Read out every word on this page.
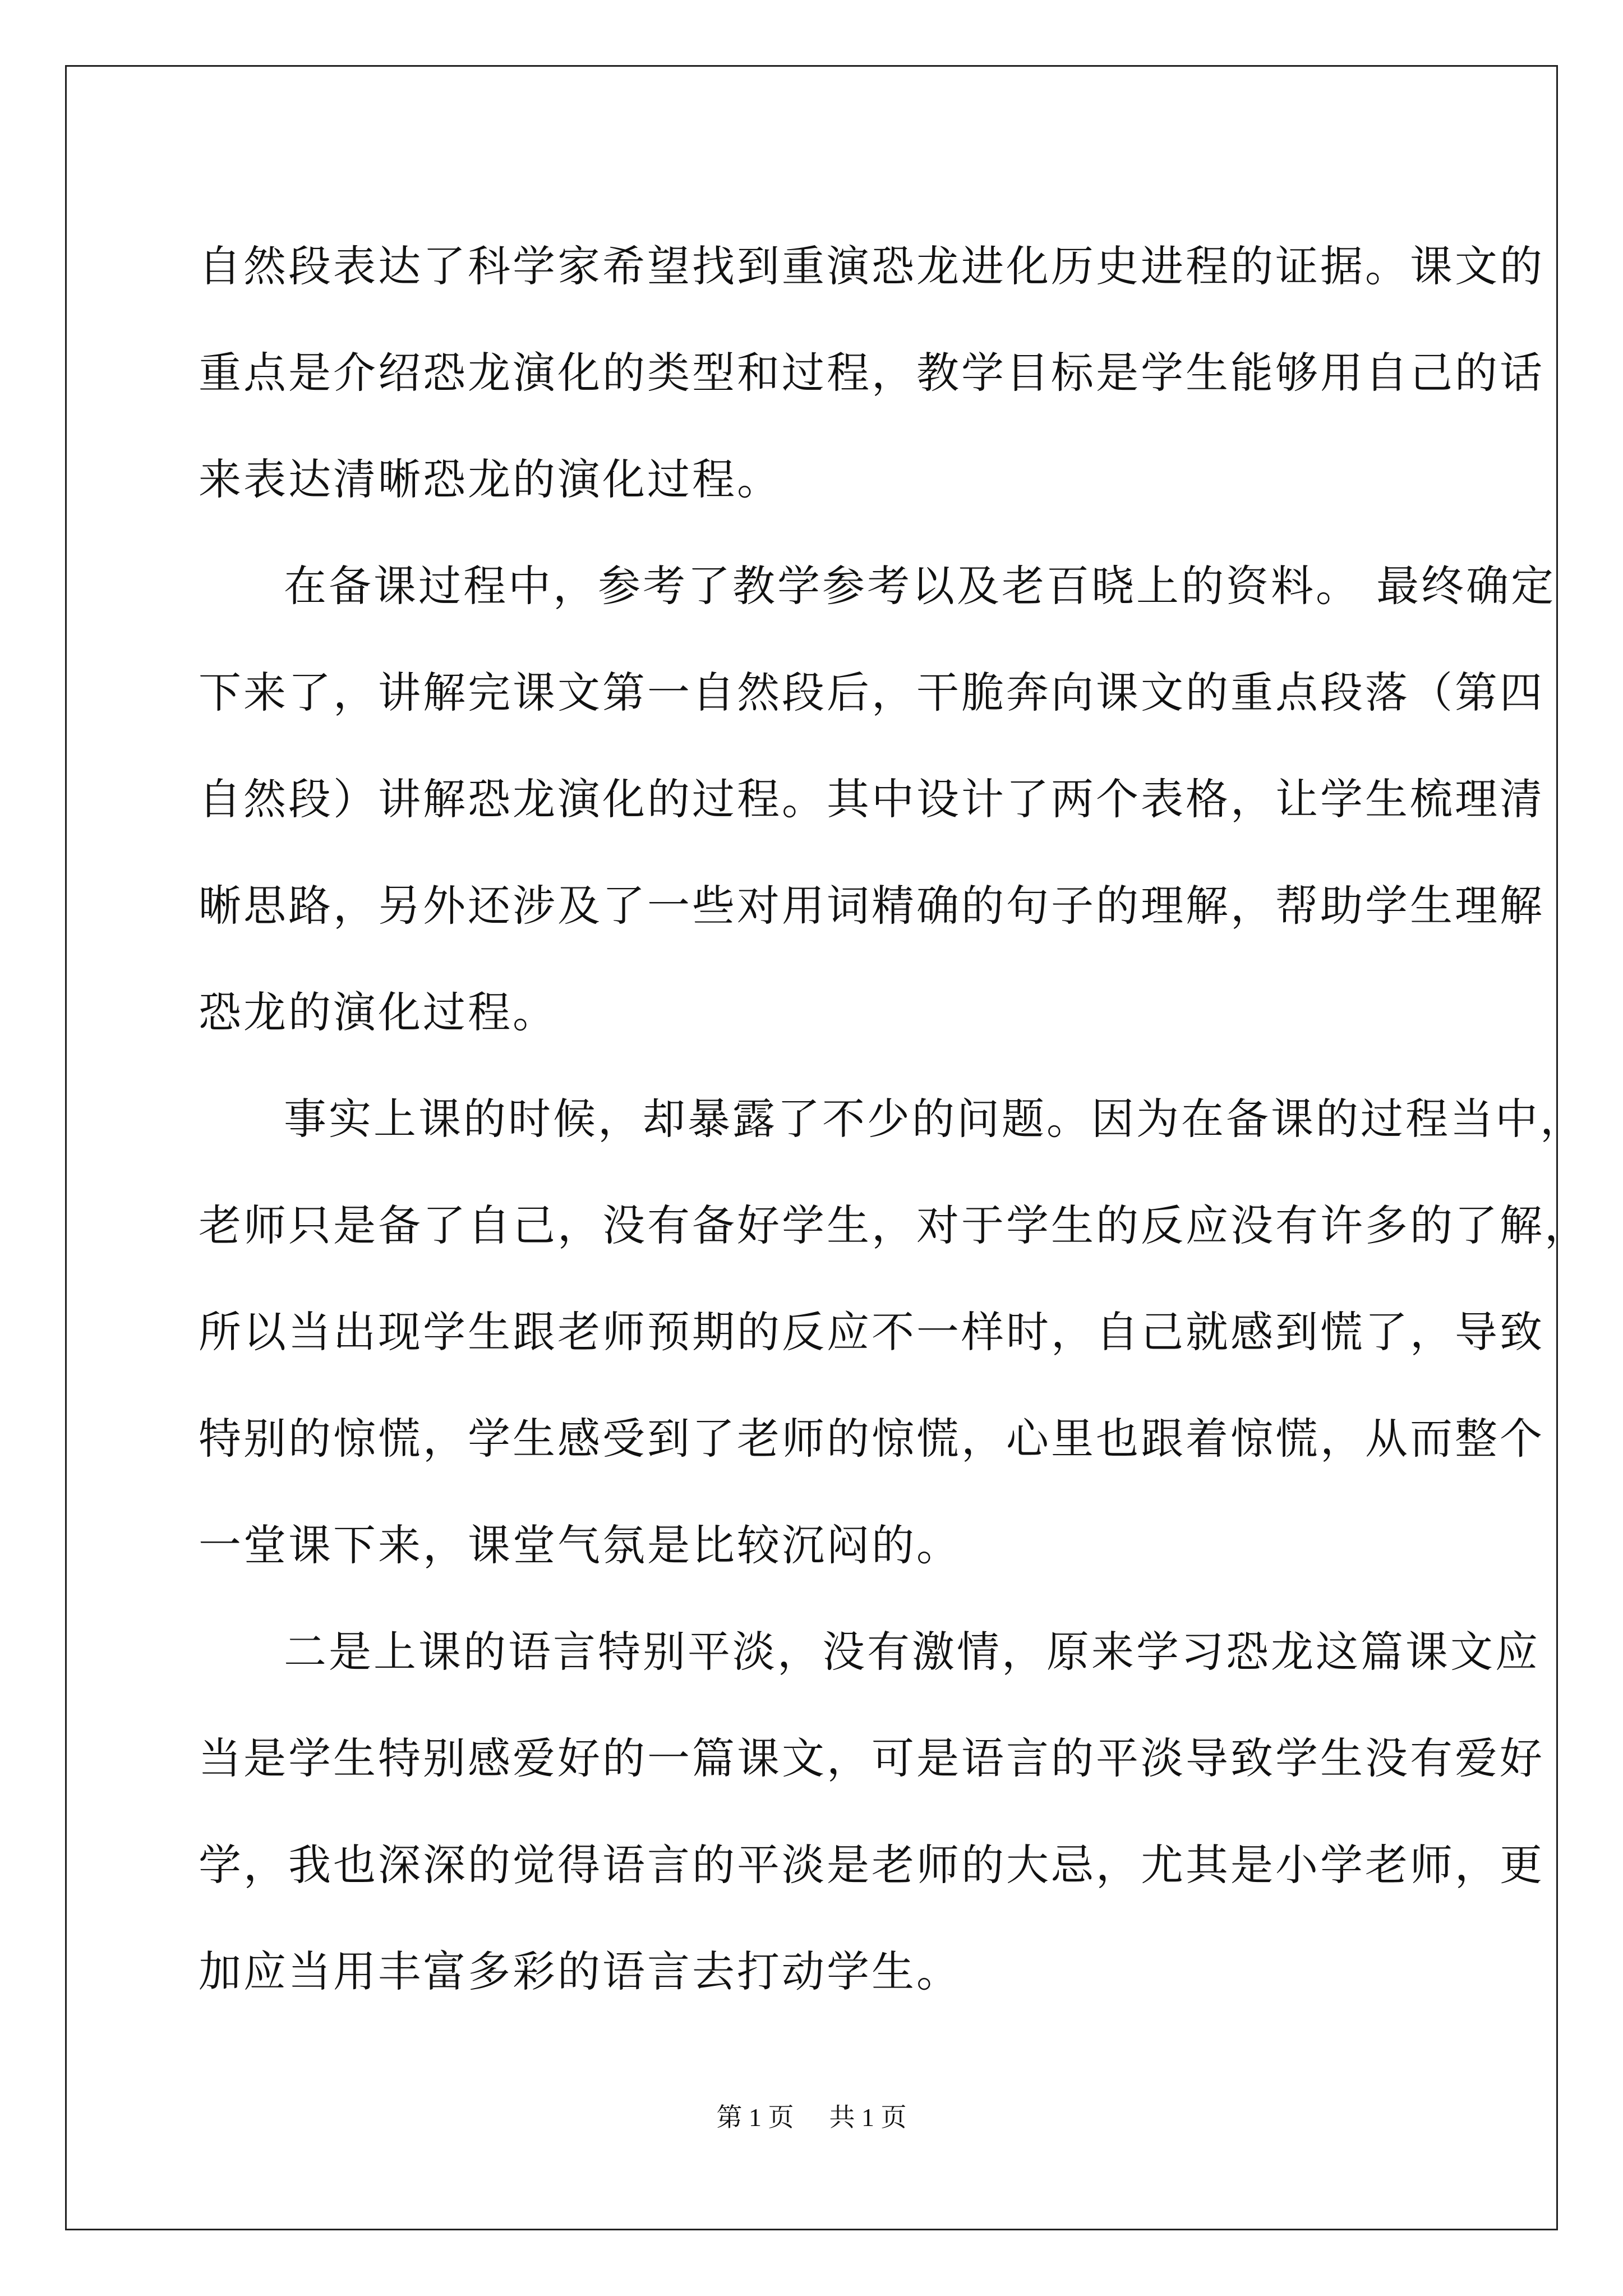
自然段表达了科学家希望找到重演恐龙进化历史进程的证据。课文的
重点是介绍恐龙演化的类型和过程，教学目标是学生能够用自己的话
来表达清晰恐龙的演化过程。
在备课过程中，参考了教学参考以及老百晓上的资料。 最终确定
下来了，讲解完课文第一自然段后，干脆奔向课文的重点段落（第四
自然段）讲解恐龙演化的过程。其中设计了两个表格，让学生梳理清
晰思路，另外还涉及了一些对用词精确的句子的理解，帮助学生理解
恐龙的演化过程。
事实上课的时候，却暴露了不少的问题。因为在备课的过程当中，
老师只是备了自己，没有备好学生，对于学生的反应没有许多的了解，
所以当出现学生跟老师预期的反应不一样时，自己就感到慌了，导致
特别的惊慌，学生感受到了老师的惊慌，心里也跟着惊慌，从而整个
一堂课下来，课堂气氛是比较沉闷的。
二是上课的语言特别平淡，没有激情，原来学习恐龙这篇课文应
当是学生特别感爱好的一篇课文，可是语言的平淡导致学生没有爱好
学，我也深深的觉得语言的平淡是老师的大忌，尤其是小学老师，更
加应当用丰富多彩的语言去打动学生。
第 1 页 共 1 页
